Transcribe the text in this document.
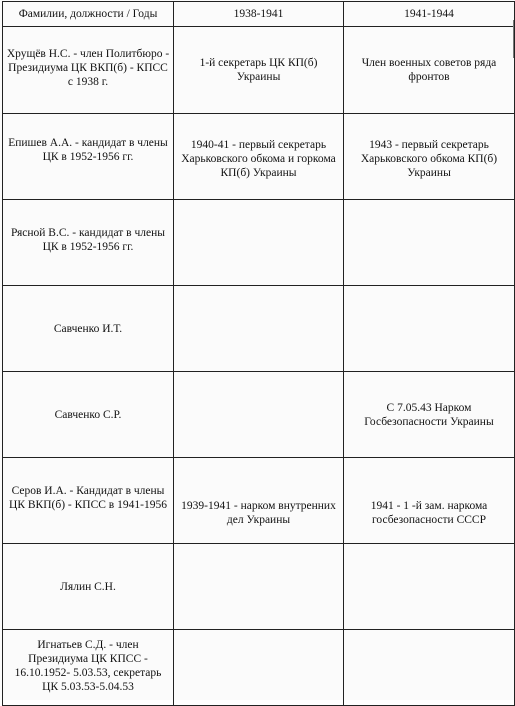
Фамилии, должности / Годы	1938-1941	1941-1944
Хрущёв Н.С. - член Политбюро - Президиума ЦК ВКП(б) - КПСС с 1938 г.	1-й секретарь ЦК КП(б) Украины	Член военных советов ряда фронтов
Епишев А.А. - кандидат в члены ЦК в 1952-1956 гг.	1940-41 - первый секретарь Харьковского обкома и горкома КП(б) Украины	1943 - первый секретарь Харьковского обкома КП(б) Украины
Рясной В.С. - кандидат в члены ЦК в 1952-1956 гг.		
Савченко И.Т.		
Савченко С.Р.		С 7.05.43 Нарком Госбезопасности Украины
Серов И.А. - Кандидат в члены ЦК ВКП(б) - КПСС в 1941-1956	1939-1941 - нарком внутренних дел Украины	1941 - 1 -й зам. наркома госбезопасности СССР
Лялин С.Н.		
Игнатьев С.Д. - член Президиума ЦК КПСС - 16.10.1952- 5.03.53, секретарь ЦК 5.03.53-5.04.53		
